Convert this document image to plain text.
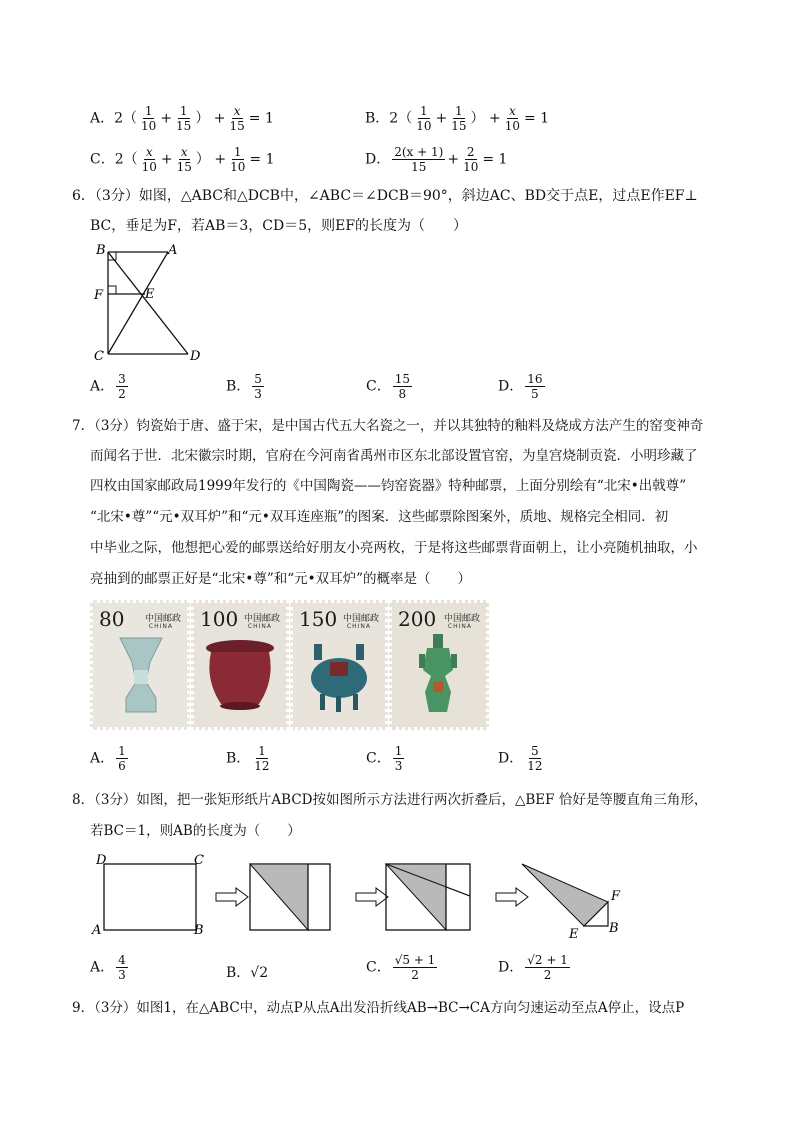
A．$2( \frac{1}{10} + \frac{1}{15}$ ） + $\frac{x}{15} = 1$	B．$2( \frac{1}{10} + \frac{1}{15}$ ） + $\frac{x}{10} = 1$
C．$2( \frac{x}{10} + \frac{x}{15}$ ） + $\frac{1}{10} = 1$	D． $\frac{2(x + 1)}{15} + \frac{2}{10} = 1$
6．（3分）如图，△ABC和△DCB中，∠ABC＝∠DCB＝90°，斜边AC、BD交于点E，过点E作EF⊥
BC，垂足为F，若AB＝3，CD＝5，则EF的长度为（　　）
B	A
F	E
C	D
A． $\frac{3}{2}$	B． $\frac{5}{3}$	C． $\frac{15}{8}$	D． $\frac{16}{5}$
7．（3分）钧瓷始于唐、盛于宋，是中国古代五大名瓷之一，并以其独特的釉料及烧成方法产生的窑变神奇
而闻名于世．北宋徽宗时期，官府在今河南省禹州市区东北部设置官窑，为皇宫烧制贡瓷．小明珍藏了
四枚由国家邮政局1999年发行的《中国陶瓷——钧窑瓷器》特种邮票，上面分别绘有“北宋•出戟尊”
“北宋•尊”“元•双耳炉”和“元•双耳连座瓶”的图案．这些邮票除图案外，质地、规格完全相同．初
中毕业之际，他想把心爱的邮票送给好朋友小亮两枚，于是将这些邮票背面朝上，让小亮随机抽取，小
亮抽到的邮票正好是“北宋•尊”和“元•双耳炉”的概率是（　　）
80 中国邮政
CHINA 100 中国邮政
CHINA 150 中国邮政
CHINA 200 中国邮政
CHINA
A． $\frac{1}{6}$	B． $\frac{1}{12}$	C． $\frac{1}{3}$	D． $\frac{5}{12}$
8．（3分）如图，把一张矩形纸片ABCD按如图所示方法进行两次折叠后，△BEF 恰好是等腰直角三角形，
若BC＝1，则AB的长度为（　　）
D	C
A	B
F
E B
A． $\frac{4}{3}$	B．√2	C． $\frac{√5 + 1}{2}$	D． $\frac{√2 + 1}{2}$
9．（3分）如图1，在△ABC中，动点P从点A出发沿折线AB→BC→CA方向匀速运动至点A停止，设点P
